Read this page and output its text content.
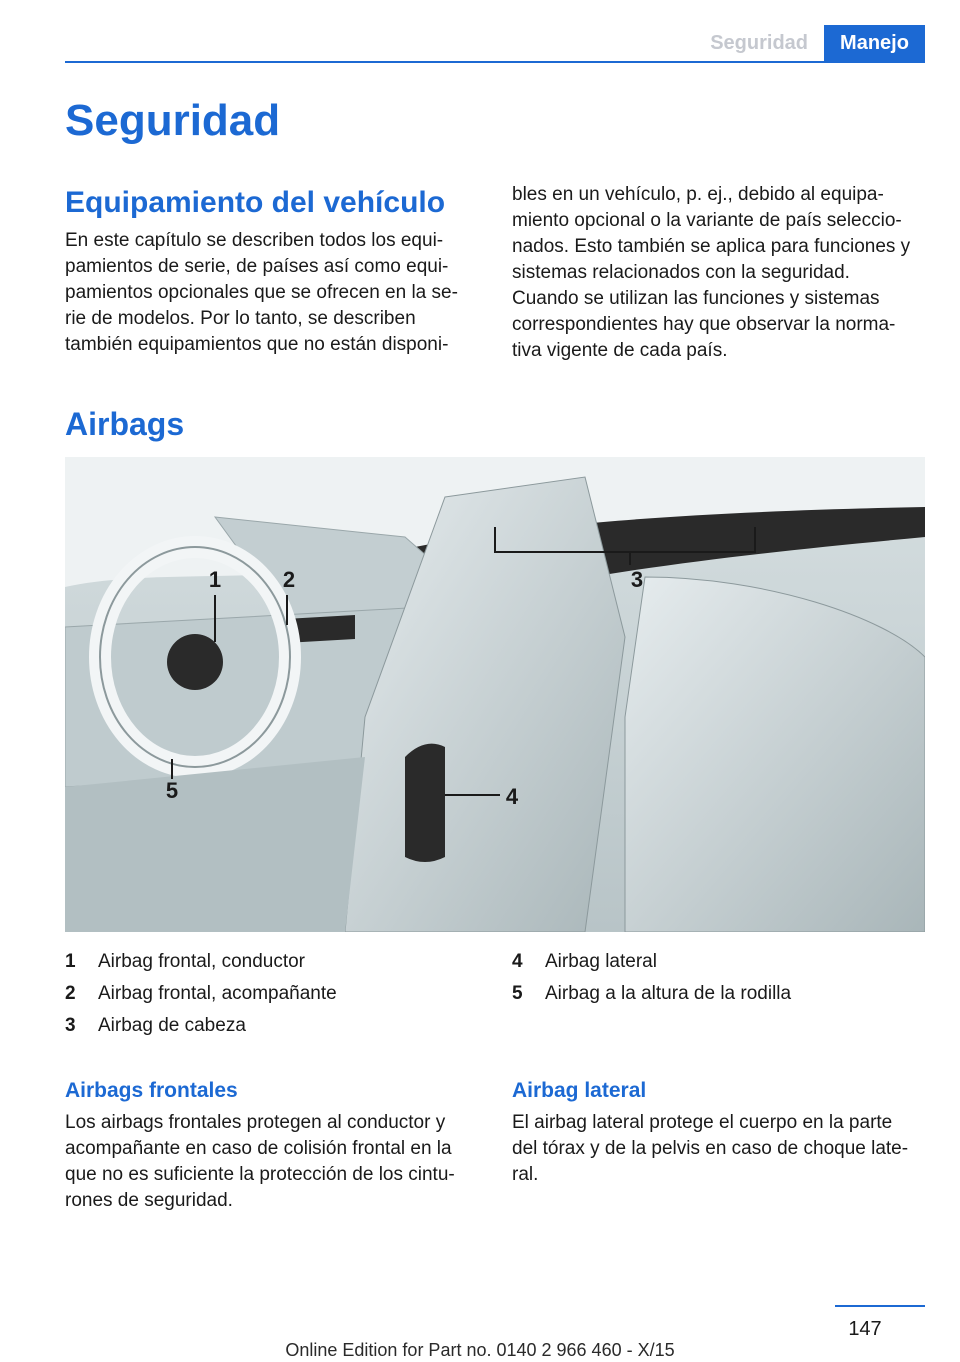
Seguridad	Manejo
Seguridad
Equipamiento del vehículo

En este capítulo se describen todos los equi-

pamientos de serie, de países así como equi-

pamientos opcionales que se ofrecen en la se-

rie de modelos. Por lo tanto, se describen

también equipamientos que no están disponi-

bles en un vehículo, p. ej., debido al equipa-

miento opcional o la variante de país seleccio-

nados. Esto también se aplica para funciones y

sistemas relacionados con la seguridad.

Cuando se utilizan las funciones y sistemas

correspondientes hay que observar la norma-

tiva vigente de cada país.

Airbags
1	2	3
4
5
1	Airbag frontal, conductor
2	Airbag frontal, acompañante
3	Airbag de cabeza
4	Airbag lateral
5	Airbag a la altura de la rodilla
Airbags frontales

Los airbags frontales protegen al conductor y

acompañante en caso de colisión frontal en la

que no es suficiente la protección de los cintu-

rones de seguridad.

Airbag lateral

El airbag lateral protege el cuerpo en la parte

del tórax y de la pelvis en caso de choque late-

ral.

147
Online Edition for Part no. 0140 2 966 460 - X/15
